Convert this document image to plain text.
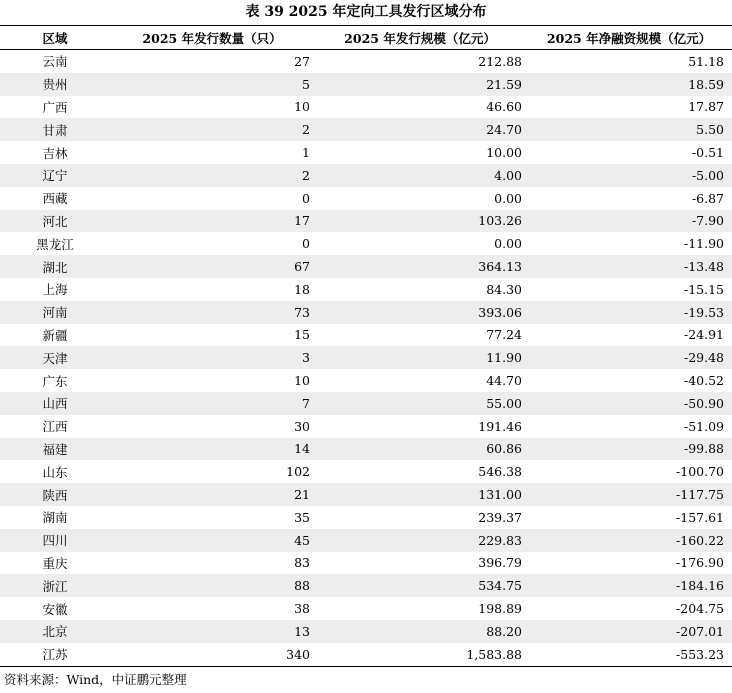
表 39 2025 年定向工具发行区域分布
区域	2025 年发行数量（只）	2025 年发行规模（亿元）	2025 年净融资规模（亿元）
云南	27	212.88	51.18
贵州	5	21.59	18.59
广西	10	46.60	17.87
甘肃	2	24.70	5.50
吉林	1	10.00	-0.51
辽宁	2	4.00	-5.00
西藏	0	0.00	-6.87
河北	17	103.26	-7.90
黑龙江	0	0.00	-11.90
湖北	67	364.13	-13.48
上海	18	84.30	-15.15
河南	73	393.06	-19.53
新疆	15	77.24	-24.91
天津	3	11.90	-29.48
广东	10	44.70	-40.52
山西	7	55.00	-50.90
江西	30	191.46	-51.09
福建	14	60.86	-99.88
山东	102	546.38	-100.70
陕西	21	131.00	-117.75
湖南	35	239.37	-157.61
四川	45	229.83	-160.22
重庆	83	396.79	-176.90
浙江	88	534.75	-184.16
安徽	38	198.89	-204.75
北京	13	88.20	-207.01
江苏	340	1,583.88	-553.23
资料来源：Wind，中证鹏元整理
